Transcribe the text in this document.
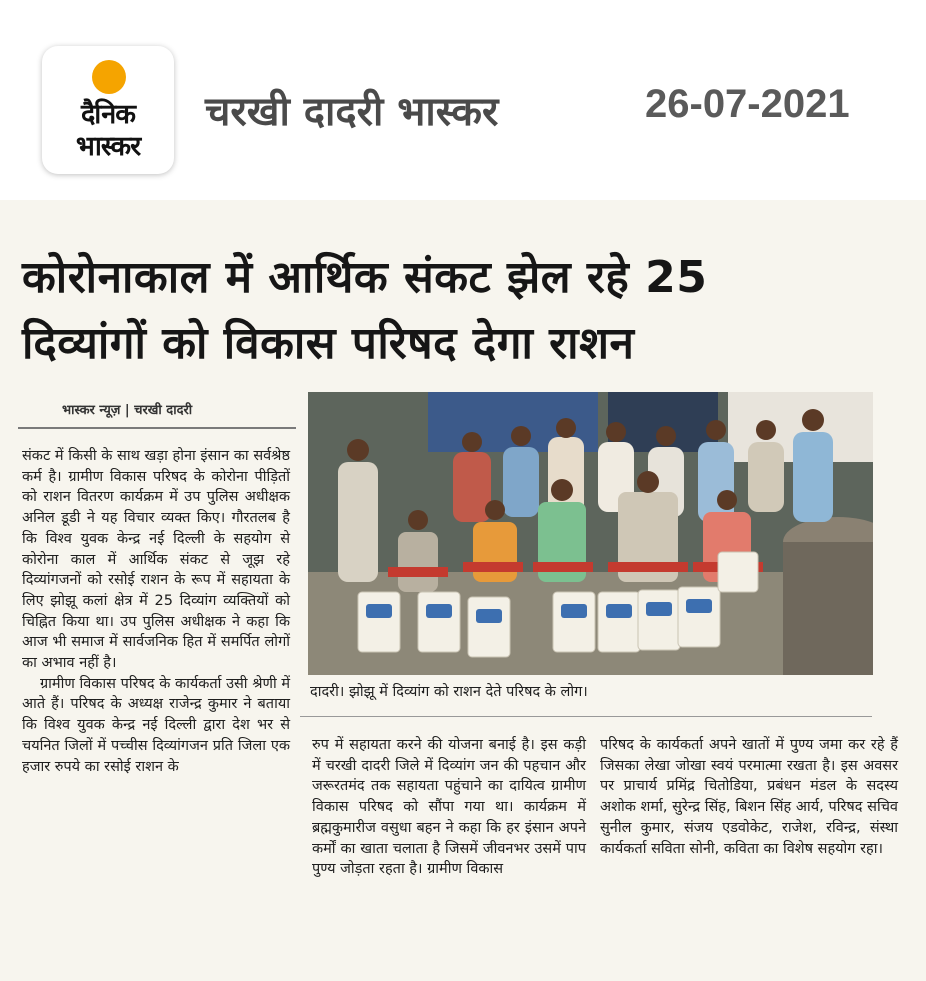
दैनिक
भास्कर
चरखी दादरी भास्कर	26-07-2021
कोरोनाकाल में आर्थिक संकट झेल रहे 25
दिव्यांगों को विकास परिषद देगा राशन
भास्कर न्यूज़ | चरखी दादरी

संकट में किसी के साथ खड़ा होना इंसान का सर्वश्रेष्ठ कर्म है। ग्रामीण विकास परिषद के कोरोना पीड़ितों को राशन वितरण कार्यक्रम में उप पुलिस अधीक्षक अनिल डूडी ने यह विचार व्यक्त किए। गौरतलब है कि विश्व युवक केन्द्र नई दिल्ली के सहयोग से कोरोना काल में आर्थिक संकट से जूझ रहे दिव्यांगजनों को रसोई राशन के रूप में सहायता के लिए झोझू कलां क्षेत्र में 25 दिव्यांग व्यक्तियों को चिह्नित किया था। उप पुलिस अधीक्षक ने कहा कि आज भी समाज में सार्वजनिक हित में समर्पित लोगों का अभाव नहीं है।

ग्रामीण विकास परिषद के कार्यकर्ता उसी श्रेणी में आते हैं। परिषद के अध्यक्ष राजेन्द्र कुमार ने बताया कि विश्व युवक केन्द्र नई दिल्ली द्वारा देश भर से चयनित जिलों में पच्चीस दिव्यांगजन प्रति जिला एक हजार रुपये का रसोई राशन के

दादरी। झोझू में दिव्यांग को राशन देते परिषद के लोग।
रुप में सहायता करने की योजना बनाई है। इस कड़ी में चरखी दादरी जिले में दिव्यांग जन की पहचान और जरूरतमंद तक सहायता पहुंचाने का दायित्व ग्रामीण विकास परिषद को सौंपा गया था। कार्यक्रम में ब्रह्मकुमारीज वसुधा बहन ने कहा कि हर इंसान अपने कर्मों का खाता चलाता है जिसमें जीवनभर उसमें पाप पुण्य जोड़ता रहता है। ग्रामीण विकास
परिषद के कार्यकर्ता अपने खातों में पुण्य जमा कर रहे हैं जिसका लेखा जोखा स्वयं परमात्मा रखता है। इस अवसर पर प्राचार्य प्रमिंद्र चितोडिया, प्रबंधन मंडल के सदस्य अशोक शर्मा, सुरेन्द्र सिंह, बिशन सिंह आर्य, परिषद सचिव सुनील कुमार, संजय एडवोकेट, राजेश, रविन्द्र, संस्था कार्यकर्ता सविता सोनी, कविता का विशेष सहयोग रहा।
